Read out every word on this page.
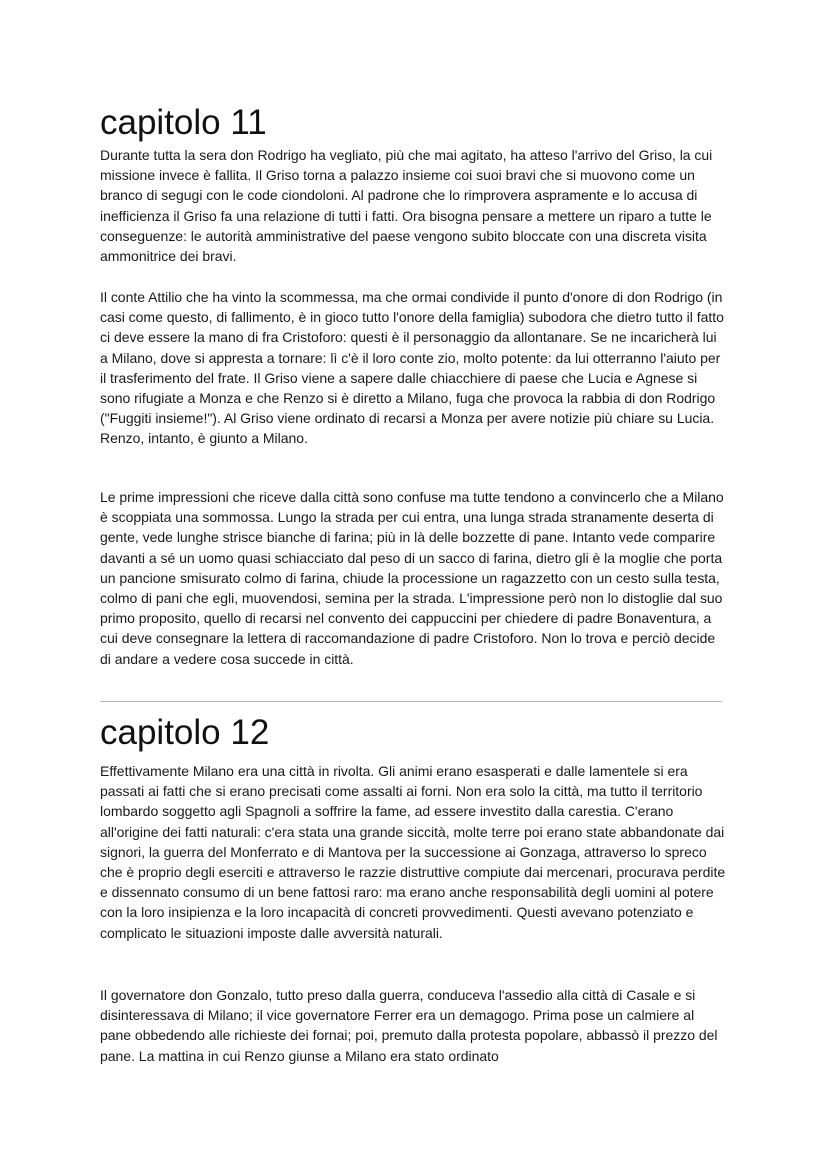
capitolo 11

Durante tutta la sera don Rodrigo ha vegliato, più che mai agitato, ha atteso l'arrivo del Griso, la cui missione invece è fallita. Il Griso torna a palazzo insieme coi suoi bravi che si muovono come un branco di segugi con le code ciondoloni. Al padrone che lo rimprovera aspramente e lo accusa di inefficienza il Griso fa una relazione di tutti i fatti. Ora bisogna pensare a mettere un riparo a tutte le conseguenze: le autorità amministrative del paese vengono subito bloccate con una discreta visita ammonitrice dei bravi.

Il conte Attilio che ha vinto la scommessa, ma che ormai condivide il punto d'onore di don Rodrigo (in casi come questo, di fallimento, è in gioco tutto l'onore della famiglia) subodora che dietro tutto il fatto ci deve essere la mano di fra Cristoforo: questi è il personaggio da allontanare. Se ne incaricherà lui a Milano, dove si appresta a tornare: lì c'è il loro conte zio, molto potente: da lui otterranno l'aiuto per il trasferimento del frate. Il Griso viene a sapere dalle chiacchiere di paese che Lucia e Agnese si sono rifugiate a Monza e che Renzo si è diretto a Milano, fuga che provoca la rabbia di don Rodrigo ("Fuggiti insieme!"). Al Griso viene ordinato di recarsi a Monza per avere notizie più chiare su Lucia. Renzo, intanto, è giunto a Milano.

Le prime impressioni che riceve dalla città sono confuse ma tutte tendono a convincerlo che a Milano è scoppiata una sommossa. Lungo la strada per cui entra, una lunga strada stranamente deserta di gente, vede lunghe strisce bianche di farina; più in là delle bozzette di pane. Intanto vede comparire davanti a sé un uomo quasi schiacciato dal peso di un sacco di farina, dietro gli è la moglie che porta un pancione smisurato colmo di farina, chiude la processione un ragazzetto con un cesto sulla testa, colmo di pani che egli, muovendosi, semina per la strada. L'impressione però non lo distoglie dal suo primo proposito, quello di recarsi nel convento dei cappuccini per chiedere di padre Bonaventura, a cui deve consegnare la lettera di raccomandazione di padre Cristoforo. Non lo trova e perciò decide di andare a vedere cosa succede in città.

capitolo 12

Effettivamente Milano era una città in rivolta. Gli animi erano esasperati e dalle lamentele si era passati ai fatti che si erano precisati come assalti ai forni. Non era solo la città, ma tutto il territorio lombardo soggetto agli Spagnoli a soffrire la fame, ad essere investito dalla carestia. C'erano all'origine dei fatti naturali: c'era stata una grande siccità, molte terre poi erano state abbandonate dai signori, la guerra del Monferrato e di Mantova per la successione ai Gonzaga, attraverso lo spreco che è proprio degli eserciti e attraverso le razzie distruttive compiute dai mercenari, procurava perdite e dissennato consumo di un bene fattosi raro: ma erano anche responsabilità degli uomini al potere con la loro insipienza e la loro incapacità di concreti provvedimenti. Questi avevano potenziato e complicato le situazioni imposte dalle avversità naturali.

Il governatore don Gonzalo, tutto preso dalla guerra, conduceva l'assedio alla città di Casale e si disinteressava di Milano; il vice governatore Ferrer era un demagogo. Prima pose un calmiere al pane obbedendo alle richieste dei fornai; poi, premuto dalla protesta popolare, abbassò il prezzo del pane. La mattina in cui Renzo giunse a Milano era stato ordinato
